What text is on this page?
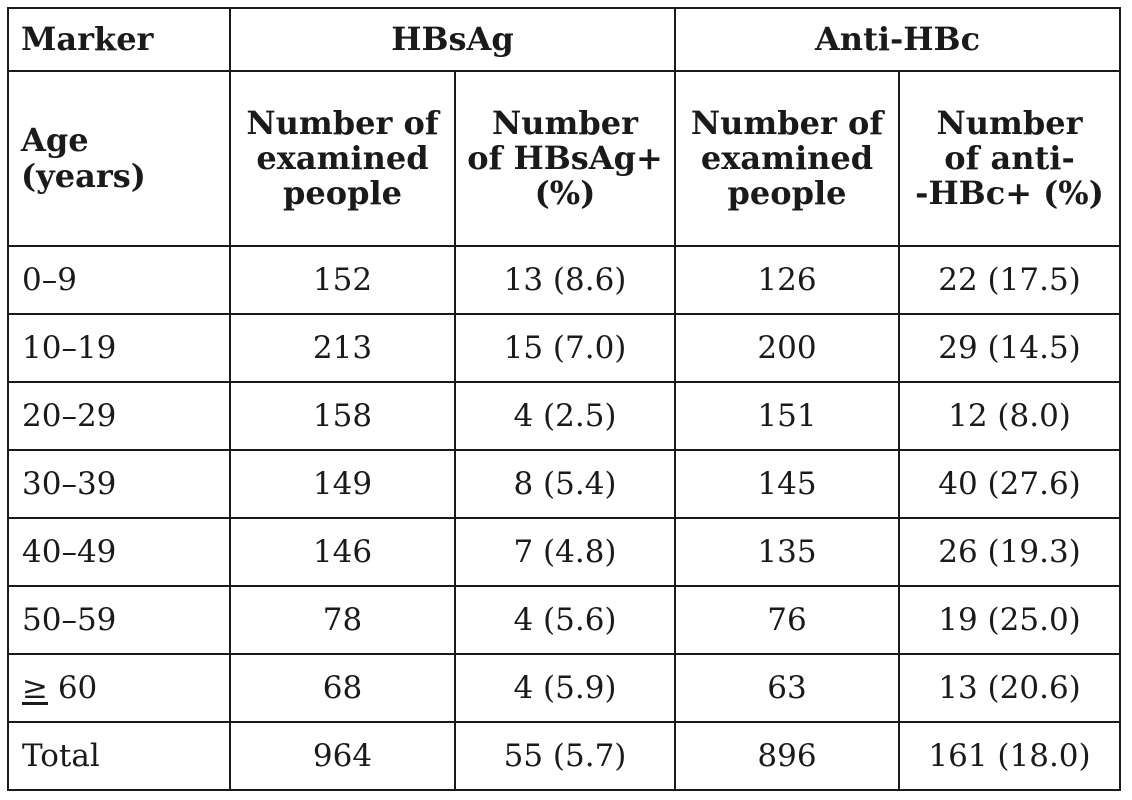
Marker	HBsAg		Anti-HBc	

Age
(years)	Number of
examined
people	Number
of HBsAg+
(%)	Number of
examined
people	Number
of anti-
-HBc+ (%)

0–9	152	13 (8.6)	126	22 (17.5)
10–19	213	15 (7.0)	200	29 (14.5)
20–29	158	4 (2.5)	151	12 (8.0)
30–39	149	8 (5.4)	145	40 (27.6)
40–49	146	7 (4.8)	135	26 (19.3)
50–59	78	4 (5.6)	76	19 (25.0)
≥ 60	68	4 (5.9)	63	13 (20.6)
Total	964	55 (5.7)	896	161 (18.0)
